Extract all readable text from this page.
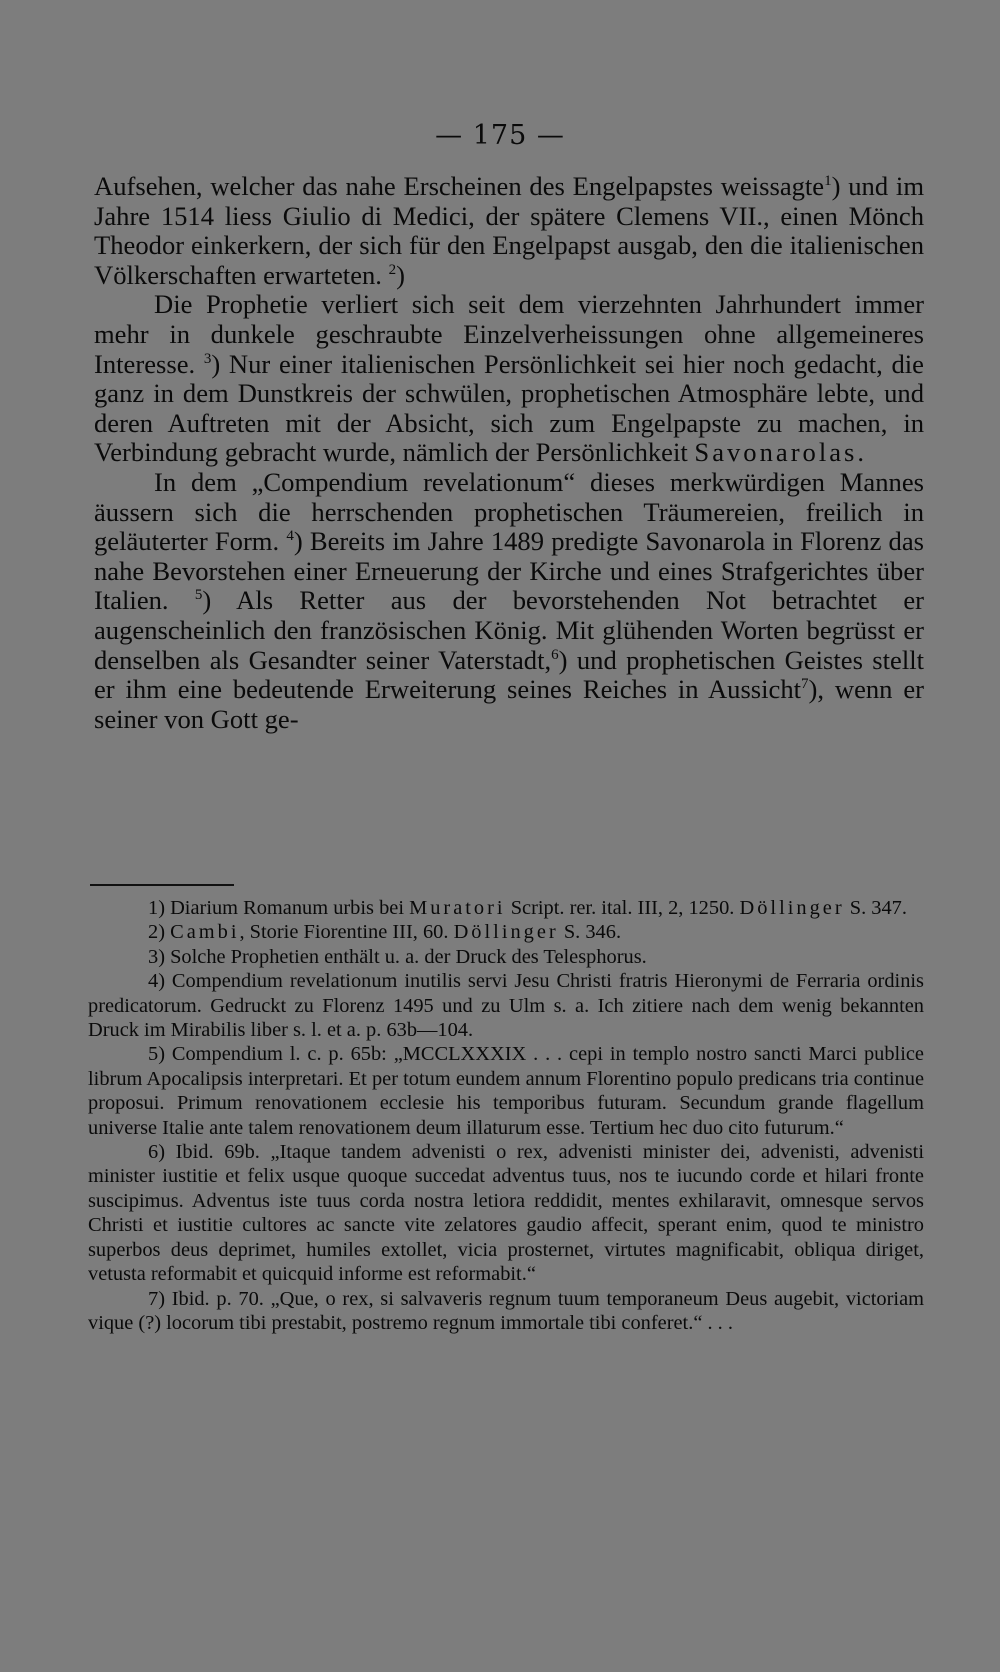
— 175 —

Aufsehen, welcher das nahe Erscheinen des Engelpapstes weissagte$^1$) und im Jahre 1514 liess Giulio di Medici, der spätere Clemens VII., einen Mönch Theodor einkerkern, der sich für den Engelpapst ausgab, den die italienischen Völkerschaften erwarteten. $^2$)

Die Prophetie verliert sich seit dem vierzehnten Jahrhundert immer mehr in dunkele geschraubte Einzelverheissungen ohne allgemeineres Interesse. $^3$) Nur einer italienischen Persönlichkeit sei hier noch gedacht, die ganz in dem Dunstkreis der schwülen, prophetischen Atmosphäre lebte, und deren Auftreten mit der Absicht, sich zum Engelpapste zu machen, in Verbindung gebracht wurde, nämlich der Persönlichkeit Savonarolas.

In dem „Compendium revelationum“ dieses merkwürdigen Mannes äussern sich die herrschenden prophetischen Träumereien, freilich in geläuterter Form. $^4$) Bereits im Jahre 1489 predigte Savonarola in Florenz das nahe Bevorstehen einer Erneuerung der Kirche und eines Strafgerichtes über Italien. $^5$) Als Retter aus der bevorstehenden Not betrachtet er augenscheinlich den französischen König. Mit glühenden Worten begrüsst er denselben als Gesandter seiner Vaterstadt,$^6$) und prophetischen Geistes stellt er ihm eine bedeutende Erweiterung seines Reiches in Aussicht$^7$), wenn er seiner von Gott ge-

1) Diarium Romanum urbis bei Muratori Script. rer. ital. III, 2, 1250. Döllinger S. 347.

2) Cambi, Storie Fiorentine III, 60. Döllinger S. 346.

3) Solche Prophetien enthält u. a. der Druck des Telesphorus.

4) Compendium revelationum inutilis servi Jesu Christi fratris Hieronymi de Ferraria ordinis predicatorum. Gedruckt zu Florenz 1495 und zu Ulm s. a. Ich zitiere nach dem wenig bekannten Druck im Mirabilis liber s. l. et a. p. 63b—104.

5) Compendium l. c. p. 65b: „MCCLXXXIX . . . cepi in templo nostro sancti Marci publice librum Apocalipsis interpretari. Et per totum eundem annum Florentino populo predicans tria continue proposui. Primum renovationem ecclesie his temporibus futuram. Secundum grande flagellum universe Italie ante talem renovationem deum illaturum esse. Tertium hec duo cito futurum.“

6) Ibid. 69b. „Itaque tandem advenisti o rex, advenisti minister dei, advenisti, advenisti minister iustitie et felix usque quoque succedat adventus tuus, nos te iucundo corde et hilari fronte suscipimus. Adventus iste tuus corda nostra letiora reddidit, mentes exhilaravit, omnesque servos Christi et iustitie cultores ac sancte vite zelatores gaudio affecit, sperant enim, quod te ministro superbos deus deprimet, humiles extollet, vicia prosternet, virtutes magnificabit, obliqua diriget, vetusta reformabit et quicquid informe est reformabit.“

7) Ibid. p. 70. „Que, o rex, si salvaveris regnum tuum temporaneum Deus augebit, victoriam vique (?) locorum tibi prestabit, postremo regnum immortale tibi conferet.“ . . .
